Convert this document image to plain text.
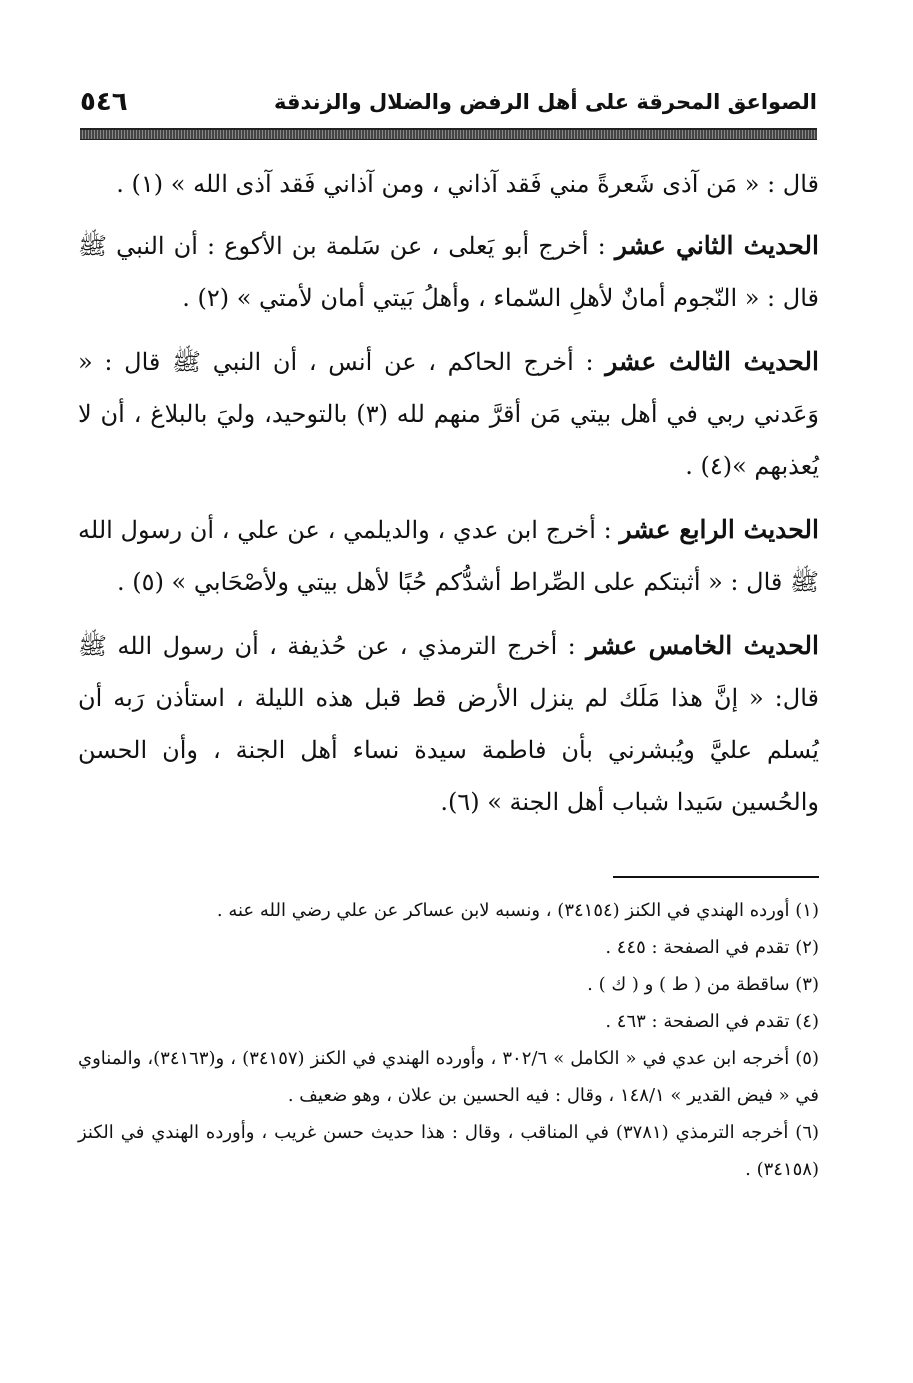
الصواعق المحرقة على أهل الرفض والضلال والزندقة
٥٤٦

قال : « مَن آذى شَعرةً مني فَقد آذاني ، ومن آذاني فَقد آذى الله » (١) .

الحديث الثاني عشر : أخرج أبو يَعلى ، عن سَلمة بن الأكوع : أن النبي ﷺ قال : « النّجوم أمانٌ لأهلِ السّماء ، وأهلُ بَيتي أمان لأمتي » (٢) .

الحديث الثالث عشر : أخرج الحاكم ، عن أنس ، أن النبي ﷺ قال : « وَعَدني ربي في أهل بيتي مَن أقرَّ منهم لله (٣) بالتوحيد، وليَ بالبلاغ ، أن لا يُعذبهم »(٤) .

الحديث الرابع عشر : أخرج ابن عدي ، والديلمي ، عن علي ، أن رسول الله ﷺ قال : « أثبتكم على الصِّراط أشدُّكم حُبًا لأهل بيتي ولأصْحَابي » (٥) .

الحديث الخامس عشر : أخرج الترمذي ، عن حُذيفة ، أن رسول الله ﷺ قال: « إنَّ هذا مَلَك لم ينزل الأرض قط قبل هذه الليلة ، استأذن رَبه أن يُسلم عليَّ ويُبشرني بأن فاطمة سيدة نساء أهل الجنة ، وأن الحسن والحُسين سَيدا شباب أهل الجنة » (٦).

(١) أورده الهندي في الكنز (٣٤١٥٤) ، ونسبه لابن عساكر عن علي رضي الله عنه .

(٢) تقدم في الصفحة : ٤٤٥ .

(٣) ساقطة من ( ط ) و ( ك ) .

(٤) تقدم في الصفحة : ٤٦٣ .

(٥) أخرجه ابن عدي في « الكامل » ٣٠٢/٦ ، وأورده الهندي في الكنز (٣٤١٥٧) ، و(٣٤١٦٣)، والمناوي في « فيض القدير » ١٤٨/١ ، وقال : فيه الحسين بن علان ، وهو ضعيف .

(٦) أخرجه الترمذي (٣٧٨١) في المناقب ، وقال : هذا حديث حسن غريب ، وأورده الهندي في الكنز (٣٤١٥٨) .
